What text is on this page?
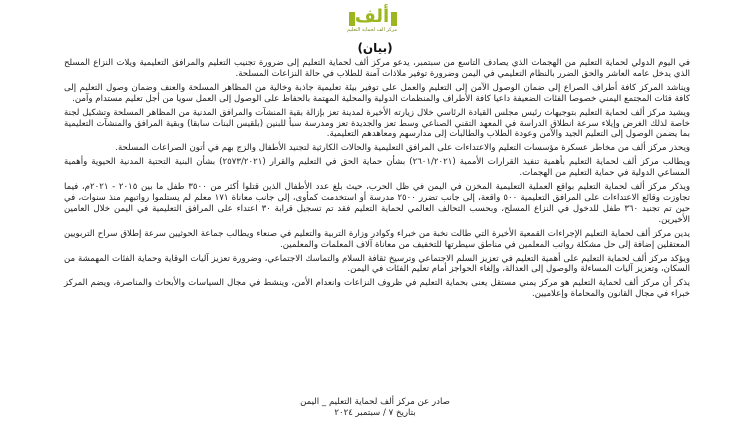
ألف
مركز ألف لحماية التعليم
(بيان)

في اليوم الدولي لحماية التعليم من الهجمات الذي يصادف التاسع من سبتمبر، يدعو مركز ألف لحماية التعليم إلى ضرورة تجنيب التعليم والمرافق التعليمية ويلات النزاع المسلح الذي يدخل عامه العاشر والحق الضرر بالنظام التعليمي في اليمن وضرورة توفير ملاذات آمنة للطلاب في حالة النزاعات المسلحة.

ويناشد المركز كافة أطراف الصراع إلى ضمان الوصول الآمن إلى التعليم والعمل على توفير بيئة تعليمية جاذبة وخالية من المظاهر المسلحة والعنف وضمان وصول التعليم إلى كافة فئات المجتمع اليمني خصوصا الفئات الضعيفة داعيا كافة الأطراف والمنظمات الدولية والمحلية المهتمة بالحفاظ على الوصول إلى العمل سويا من أجل تعليم مستدام وآمن.

ويشيد مركز ألف لحماية التعليم بتوجيهات رئيس مجلس القيادة الرئاسي خلال زيارته الأخيرة لمدينة تعز بإزالة بقية المنشآت والمرافق المدنية من المظاهر المسلحة وتشكيل لجنة خاصة لذلك الغرض وإيلاء سرعة انطلاق الدراسة في المعهد التقني الصناعي وسط تعز والجديدة تعز ومدرسة سبأ للبنين (بلقيس البنات سابقا) وبقية المرافق والمنشآت التعليمية بما يضمن الوصول إلى التعليم الجيد والآمن وعودة الطلاب والطالبات إلى مدارسهم ومعاهدهم التعليمية.

ويحذر مركز ألف من مخاطر عسكرة مؤسسات التعليم والاعتداءات على المرافق التعليمية والحالات الكارثية لتجنيد الأطفال والزج بهم في أتون الصراعات المسلحة.

ويطالب مركز ألف لحماية التعليم بأهمية تنفيذ القرارات الأممية (٢٦٠١/٢٠٢١) بشأن حماية الحق في التعليم والقرار (٢٥٧٣/٢٠٢١) بشأن البنية التحتية المدنية الحيوية وأهمية المساعي الدولية في حماية التعليم من الهجمات.

ويذكر مركز ألف لحماية التعليم بواقع العملية التعليمية المخزن في اليمن في ظل الحرب، حيث بلغ عدد الأطفال الذين قتلوا أكثر من ٣٥٠٠ طفل ما بين ٢٠١٥ - ٢٠٢١م، فيما تجاوزت وقائع الاعتداءات على المرافق التعليمية ٥٠٠ واقعة، إلى جانب تضرر ٢٥٠٠ مدرسة أو استخدمت كمأوى، إلى جانب معاناة ١٧١ معلم لم يستلموا رواتبهم منذ سنوات، في حين تم تجنيد ٣٦٠ طفل للدخول في النزاع المسلح، وبحسب التحالف العالمي لحماية التعليم فقد تم تسجيل قرابة ٣٠ اعتداء على المرافق التعليمية في اليمن خلال العامين الأخيرين.

يدين مركز ألف لحماية التعليم الإجراءات القمعية الأخيرة التي طالت نخبة من خبراء وكوادر وزارة التربية والتعليم في صنعاء ويطالب جماعة الحوثيين سرعة إطلاق سراح التربويين المعتقلين إضافة إلى حل مشكلة رواتب المعلمين في مناطق سيطرتها للتخفيف من معاناة آلاف المعلمات والمعلمين.

ويؤكد مركز ألف لحماية التعليم على أهمية التعليم في تعزيز السلم الاجتماعي وترسيخ ثقافة السلام والتماسك الاجتماعي، وضرورة تعزيز آليات الوقاية وحماية الفئات المهمشة من السكان، وتعزيز آليات المساءلة والوصول إلى العدالة، وإلغاء الحواجز أمام تعليم الفئات في اليمن.

يذكر أن مركز ألف لحماية التعليم هو مركز يمني مستقل يعنى بحماية التعليم في ظروف النزاعات وانعدام الأمن، وينشط في مجال السياسات والأبحاث والمناصرة، ويضم المركز خبراء في مجال القانون والمحاماة وإعلاميين.

صادر عن مركز ألف لحماية التعليم _ اليمن
بتاريخ ٧ / سبتمبر ٢٠٢٤
